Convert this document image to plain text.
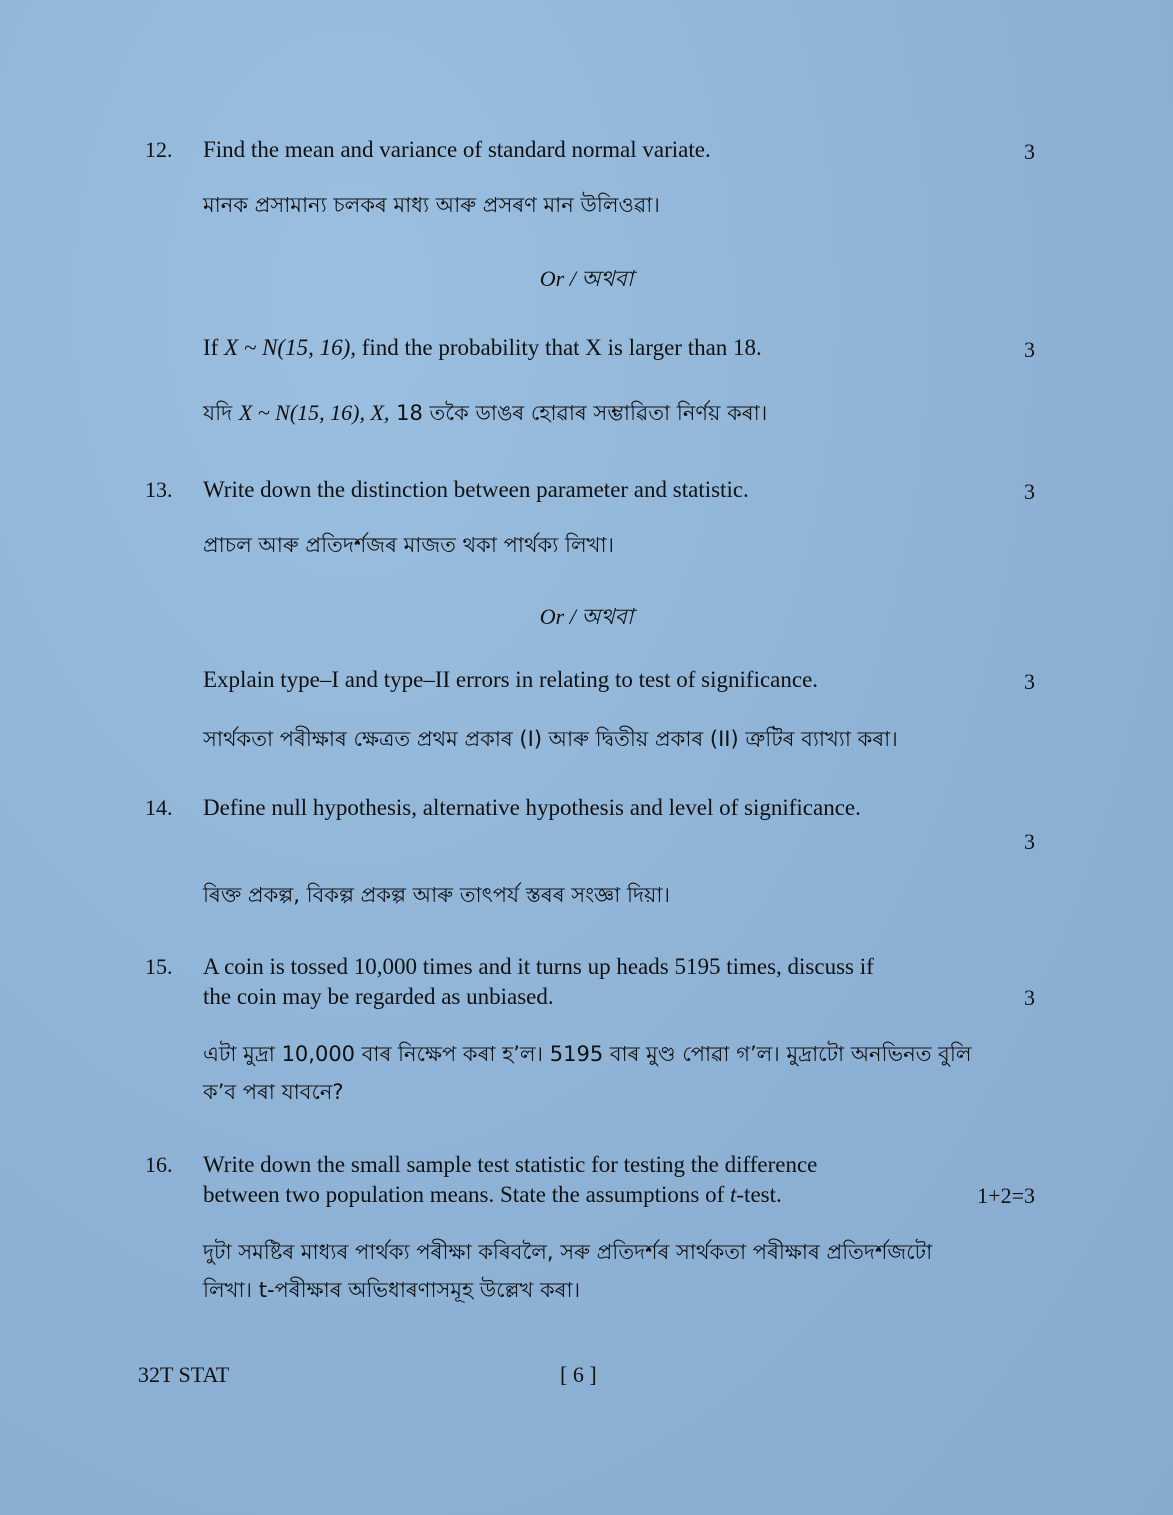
12. Find the mean and variance of standard normal variate.	3
মানক প্ৰসামান্য চলকৰ মাধ্য আৰু প্ৰসৰণ মান উলিওৱা।
Or / অথবা
If X ~ N(15, 16), find the probability that X is larger than 18.	3
যদি X ~ N(15, 16), X, 18 তকৈ ডাঙৰ হোৱাৰ সম্ভাৱিতা নিৰ্ণয় কৰা।
13. Write down the distinction between parameter and statistic.	3
প্ৰাচল আৰু প্ৰতিদৰ্শজৰ মাজত থকা পাৰ্থক্য লিখা।
Or / অথবা
Explain type–I and type–II errors in relating to test of significance.	3
সাৰ্থকতা পৰীক্ষাৰ ক্ষেত্ৰত প্ৰথম প্ৰকাৰ (I) আৰু দ্বিতীয় প্ৰকাৰ (II) ত্ৰুটিৰ ব্যাখ্যা কৰা।
14. Define null hypothesis, alternative hypothesis and level of significance.
3
ৰিক্ত প্ৰকল্প, বিকল্প প্ৰকল্প আৰু তাৎপৰ্য স্তৰৰ সংজ্ঞা দিয়া।
15. A coin is tossed 10,000 times and it turns up heads 5195 times, discuss if
the coin may be regarded as unbiased.	3
এটা মুদ্ৰা 10,000 বাৰ নিক্ষেপ কৰা হ’ল। 5195 বাৰ মুণ্ড পোৱা গ’ল। মুদ্ৰাটো অনভিনত বুলি
ক’ব পৰা যাবনে?
16. Write down the small sample test statistic for testing the difference
between two population means. State the assumptions of t-test.	1+2=3
দুটা সমষ্টিৰ মাধ্যৰ পাৰ্থক্য পৰীক্ষা কৰিবলৈ, সৰু প্ৰতিদৰ্শৰ সাৰ্থকতা পৰীক্ষাৰ প্ৰতিদৰ্শজটো
লিখা। t-পৰীক্ষাৰ অভিধাৰণাসমূহ উল্লেখ কৰা।
32T STAT	[ 6 ]
